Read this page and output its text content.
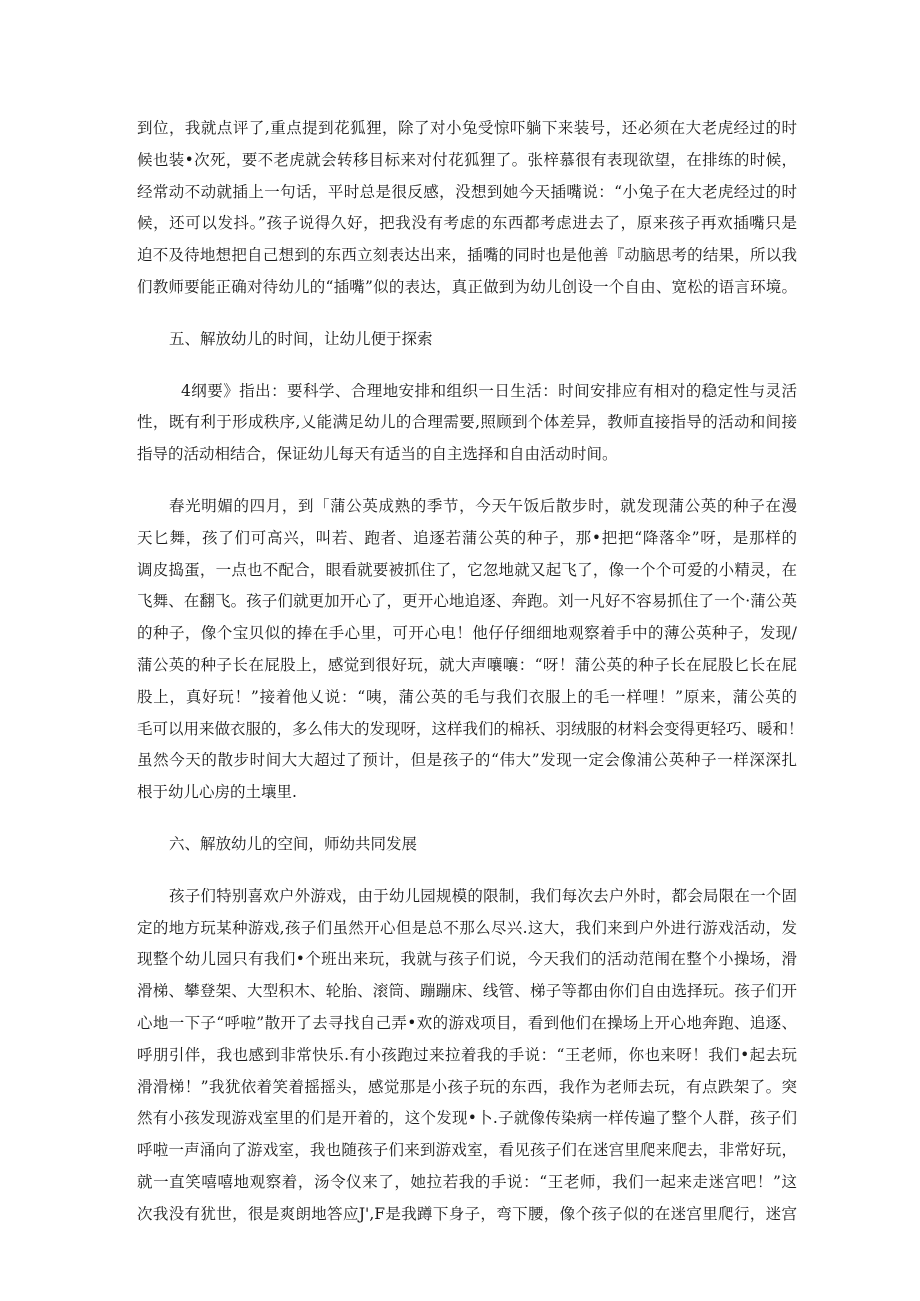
到位，我就点评了,重点提到花狐狸，除了对小兔受惊吓躺下来装号，还必须在大老虎经过的时
候也装•次死，要不老虎就会转移目标来对付花狐狸了。张梓慕很有表现欲望，在排练的时候，
经常动不动就插上一句话，平时总是很反感，没想到她今天插嘴说：“小兔子在大老虎经过的时
候，还可以发抖。”孩子说得久好，把我没有考虑的东西都考虑进去了，原来孩子再欢插嘴只是
迫不及待地想把自己想到的东西立刻表达出来，插嘴的同时也是他善『动脑思考的结果，所以我
们教师要能正确对待幼儿的“插嘴”似的表达，真正做到为幼儿创设一个自由、宽松的语言环境。
五、解放幼儿的时间，让幼儿便于探索
4纲要》指出：要科学、合理地安排和组织一日生活：时间安排应有相对的稳定性与灵活
性，既有利于形成秩序,乂能满足幼儿的合理需要,照顾到个体差异，教师直接指导的活动和间接
指导的活动相结合，保证幼儿每天有适当的自主选择和自由活动时间。
春光明媚的四月，到「蒲公英成熟的季节，今天午饭后散步时，就发现蒲公英的种子在漫
天匕舞，孩了们可高兴，叫若、跑者、追逐若蒲公英的种子，那•把把“降落伞”呀，是那样的
调皮捣蛋，一点也不配合，眼看就要被抓住了，它忽地就又起飞了，像一个个可爱的小精灵，在
飞舞、在翻飞。孩子们就更加开心了，更开心地追逐、奔跑。刘一凡好不容易抓住了一个·蒲公英
的种子，像个宝贝似的捧在手心里，可开心电！他仔仔细细地观察着手中的薄公英种子，发现/
蒲公英的种子长在屁股上，感觉到很好玩，就大声嚷嚷：“呀！蒲公英的种子长在屁股匕长在屁
股上，真好玩！”接着他乂说：“咦，蒲公英的毛与我们衣服上的毛一样哩！”原来，蒲公英的
毛可以用来做衣服的，多么伟大的发现呀，这样我们的棉袄、羽绒服的材料会变得更轻巧、暖和！
虽然今天的散步时间大大超过了预计，但是孩子的“伟大”发现一定会像浦公英种子一样深深扎
根于幼儿心房的土壤里.
六、解放幼儿的空间，师幼共同发展
孩子们特别喜欢户外游戏，由于幼儿园规模的限制，我们每次去户外时，都会局限在一个固
定的地方玩某种游戏,孩子们虽然开心但是总不那么尽兴.这大，我们来到户外进行游戏活动，发
现整个幼儿园只有我们•个班出来玩，我就与孩子们说，今天我们的活动范闱在整个小操场，滑
滑梯、攀登架、大型积木、轮胎、滚筒、蹦蹦床、线管、梯子等都由你们自由选择玩。孩子们开
心地一下子“呼啦”散开了去寻找自己弄•欢的游戏项目，看到他们在操场上开心地奔跑、追逐、
呼朋引伴，我也感到非常快乐.有小孩跑过来拉着我的手说：“王老师，你也来呀！我们•起去玩
滑滑梯！”我犹依着笑着摇摇头，感觉那是小孩子玩的东西，我作为老师去玩，有点跌架了。突
然有小孩发现游戏室里的们是开着的，这个发现•卜.子就像传染病一样传遍了整个人群，孩子们
呼啦一声涌向了游戏室，我也随孩子们来到游戏室，看见孩子们在迷宫里爬来爬去，非常好玩，
就一直笑嘻嘻地观察着，汤令仪来了，她拉若我的手说：“王老师，我们一起来走迷宫吧！”这
次我没有犹世，很是爽朗地答应J',F是我蹲下身子，弯下腰，像个孩子似的在迷宫里爬行，迷宫
